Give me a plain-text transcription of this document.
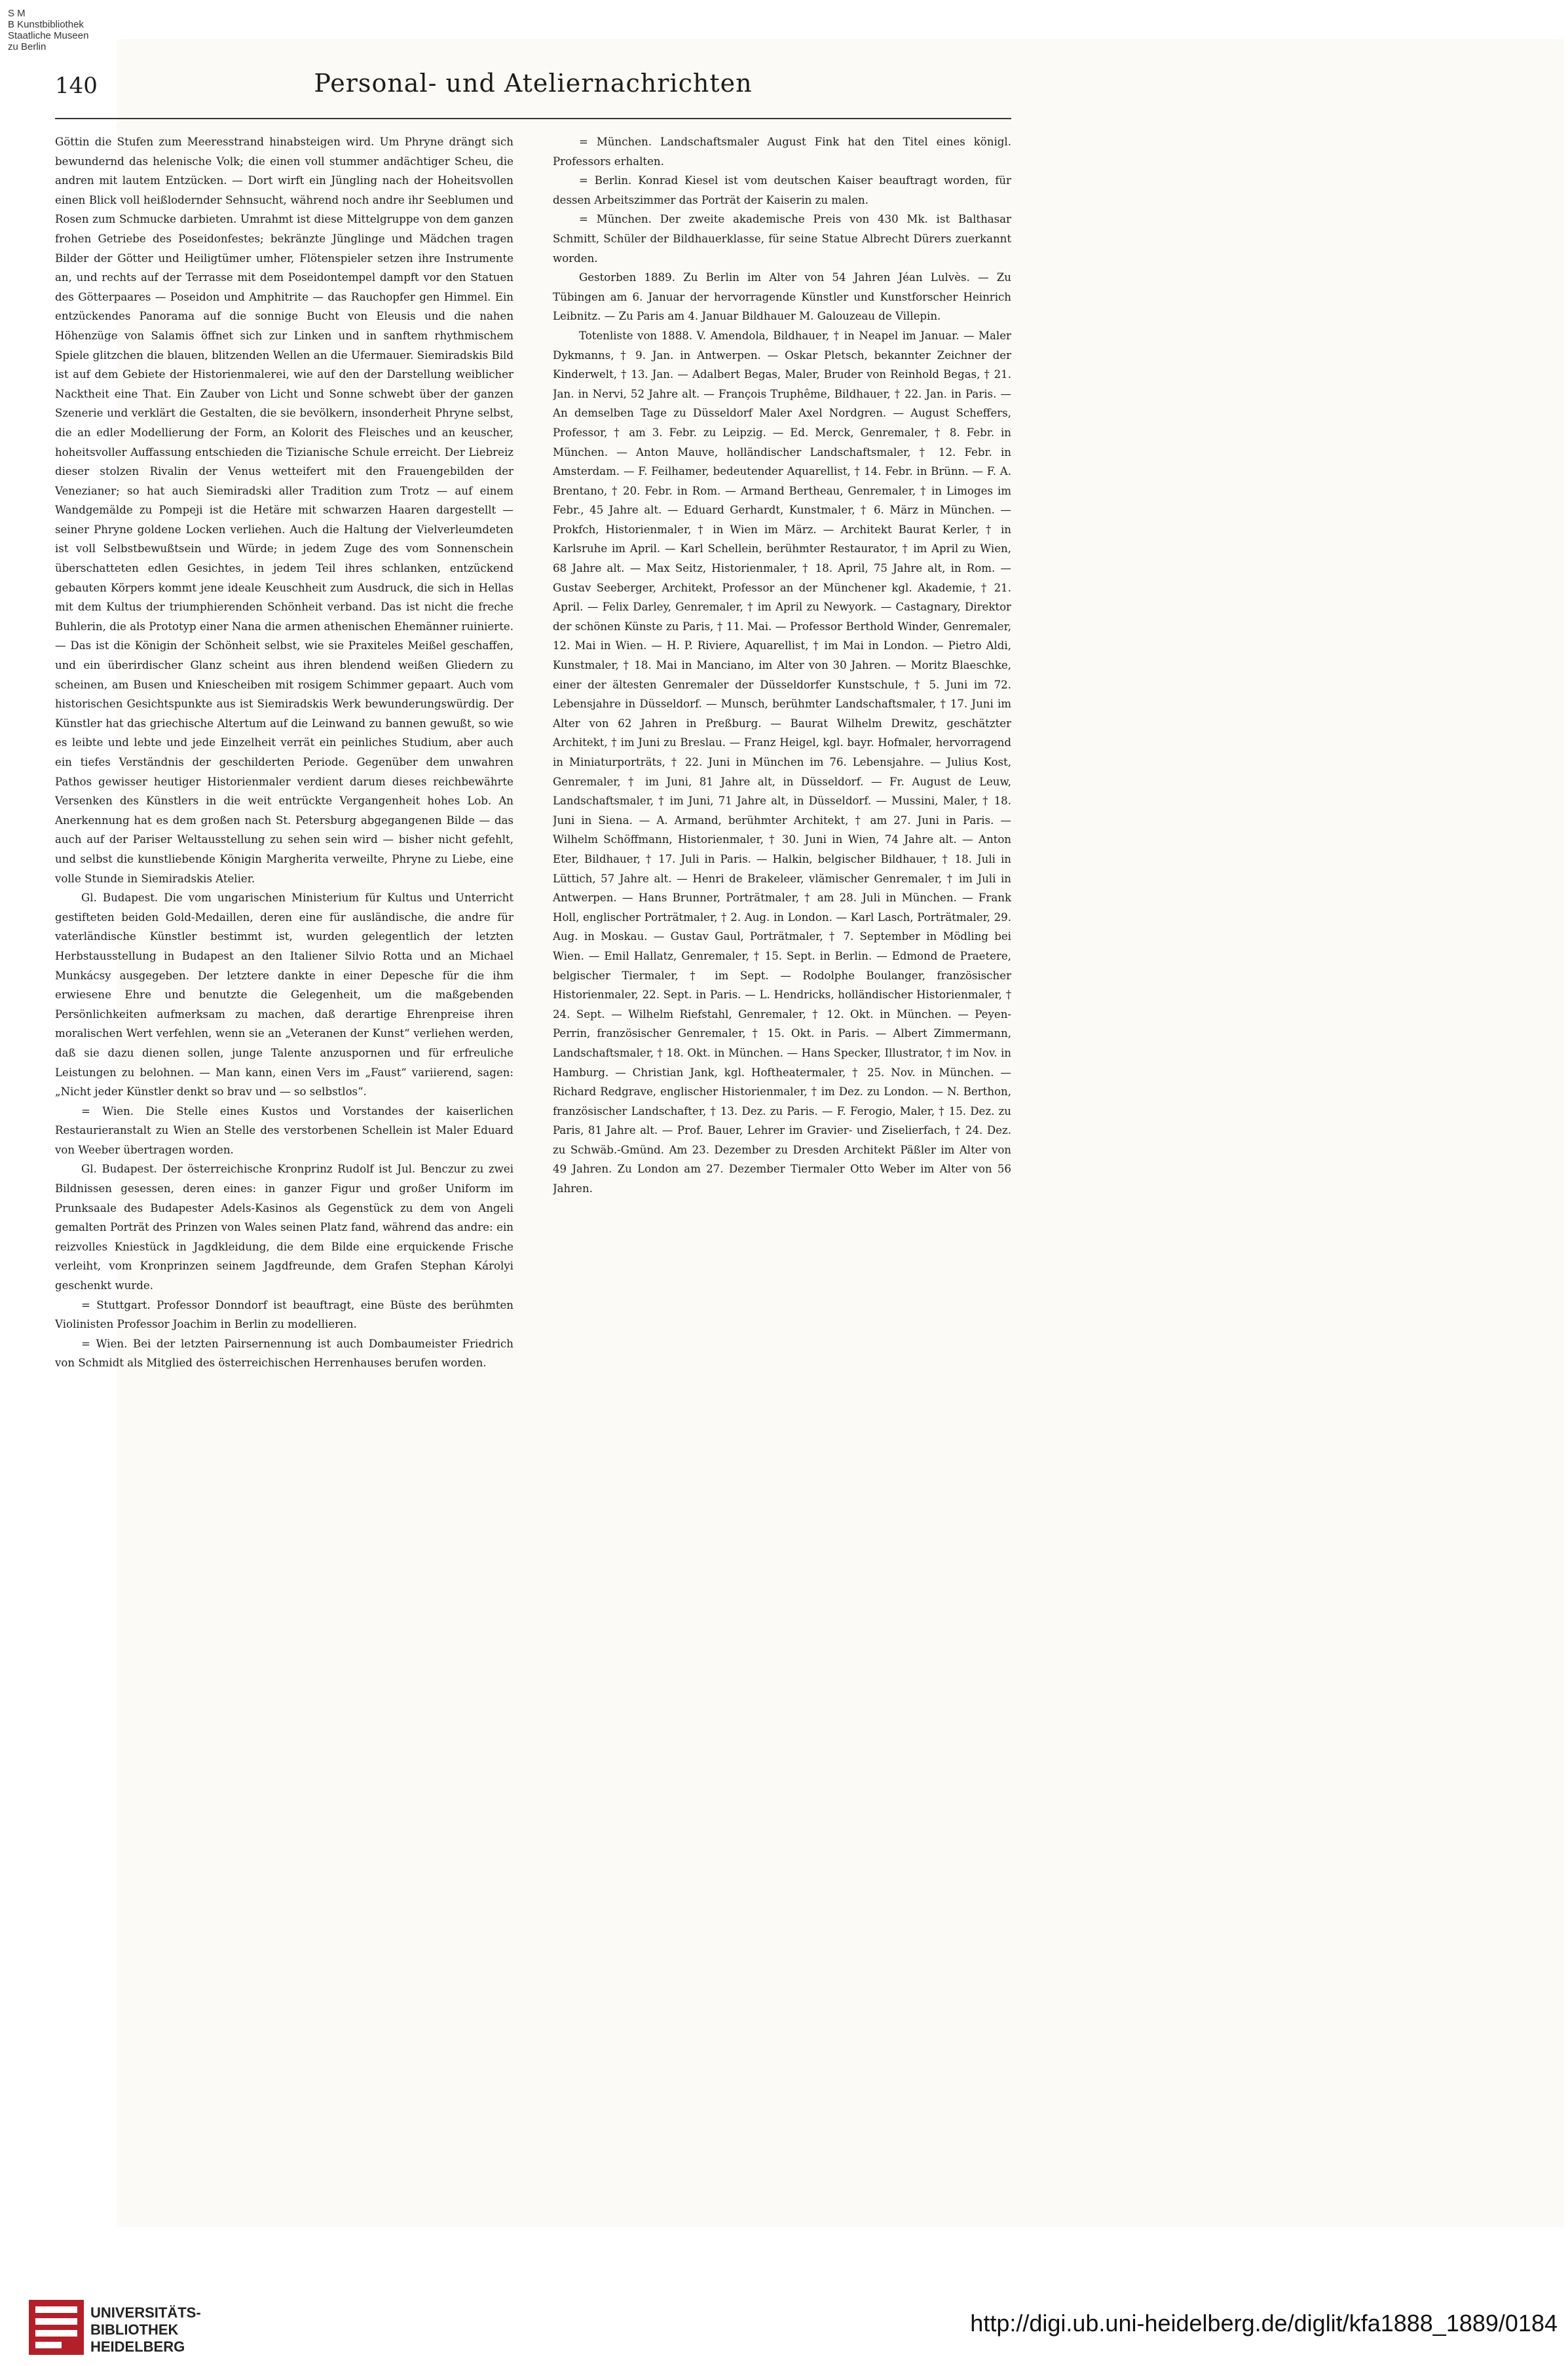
S M
B Kunstbibliothek
Staatliche Museen
zu Berlin
140	Personal- und Ateliernachrichten

Göttin die Stufen zum Meeresstrand hinabsteigen wird. Um Phryne drängt sich bewundernd das helenische Volk; die einen voll stummer andächtiger Scheu, die andren mit lautem Entzücken. — Dort wirft ein Jüngling nach der Hoheitsvollen einen Blick voll heißlodernder Sehnsucht, während noch andre ihr Seeblumen und Rosen zum Schmucke darbieten. Umrahmt ist diese Mittelgruppe von dem ganzen frohen Getriebe des Poseidonfestes; bekränzte Jünglinge und Mädchen tragen Bilder der Götter und Heiligtümer umher, Flötenspieler setzen ihre Instrumente an, und rechts auf der Terrasse mit dem Poseidontempel dampft vor den Statuen des Götterpaares — Poseidon und Amphitrite — das Rauchopfer gen Himmel. Ein entzückendes Panorama auf die sonnige Bucht von Eleusis und die nahen Höhenzüge von Salamis öffnet sich zur Linken und in sanftem rhythmischem Spiele glitzchen die blauen, blitzenden Wellen an die Ufermauer. Siemiradskis Bild ist auf dem Gebiete der Historienmalerei, wie auf den der Darstellung weiblicher Nacktheit eine That. Ein Zauber von Licht und Sonne schwebt über der ganzen Szenerie und verklärt die Gestalten, die sie bevölkern, insonderheit Phryne selbst, die an edler Modellierung der Form, an Kolorit des Fleisches und an keuscher, hoheitsvoller Auffassung entschieden die Tizianische Schule erreicht. Der Liebreiz dieser stolzen Rivalin der Venus wetteifert mit den Frauengebilden der Venezianer; so hat auch Siemiradski aller Tradition zum Trotz — auf einem Wandgemälde zu Pompeji ist die Hetäre mit schwarzen Haaren dargestellt — seiner Phryne goldene Locken verliehen. Auch die Haltung der Vielverleumdeten ist voll Selbstbewußtsein und Würde; in jedem Zuge des vom Sonnenschein überschatteten edlen Gesichtes, in jedem Teil ihres schlanken, entzückend gebauten Körpers kommt jene ideale Keuschheit zum Ausdruck, die sich in Hellas mit dem Kultus der triumphierenden Schönheit verband. Das ist nicht die freche Buhlerin, die als Prototyp einer Nana die armen athenischen Ehemänner ruinierte. — Das ist die Königin der Schönheit selbst, wie sie Praxiteles Meißel geschaffen, und ein überirdischer Glanz scheint aus ihren blendend weißen Gliedern zu scheinen, am Busen und Kniescheiben mit rosigem Schimmer gepaart. Auch vom historischen Gesichtspunkte aus ist Siemiradskis Werk bewunderungswürdig. Der Künstler hat das griechische Altertum auf die Leinwand zu bannen gewußt, so wie es leibte und lebte und jede Einzelheit verrät ein peinliches Studium, aber auch ein tiefes Verständnis der geschilderten Periode. Gegenüber dem unwahren Pathos gewisser heutiger Historienmaler verdient darum dieses reichbewährte Versenken des Künstlers in die weit entrückte Vergangenheit hohes Lob. An Anerkennung hat es dem großen nach St. Petersburg abgegangenen Bilde — das auch auf der Pariser Weltausstellung zu sehen sein wird — bisher nicht gefehlt, und selbst die kunstliebende Königin Margherita verweilte, Phryne zu Liebe, eine volle Stunde in Siemiradskis Atelier.

Gl. Budapest. Die vom ungarischen Ministerium für Kultus und Unterricht gestifteten beiden Gold-Medaillen, deren eine für ausländische, die andre für vaterländische Künstler bestimmt ist, wurden gelegentlich der letzten Herbstausstellung in Budapest an den Italiener Silvio Rotta und an Michael Munkácsy ausgegeben. Der letztere dankte in einer Depesche für die ihm erwiesene Ehre und benutzte die Gelegenheit, um die maßgebenden Persönlichkeiten aufmerksam zu machen, daß derartige Ehrenpreise ihren moralischen Wert verfehlen, wenn sie an „Veteranen der Kunst“ verliehen werden, daß sie dazu dienen sollen, junge Talente anzuspornen und für erfreuliche Leistungen zu belohnen. — Man kann, einen Vers im „Faust“ variierend, sagen: „Nicht jeder Künstler denkt so brav und — so selbstlos“.

= Wien. Die Stelle eines Kustos und Vorstandes der kaiserlichen Restaurieranstalt zu Wien an Stelle des verstorbenen Schellein ist Maler Eduard von Weeber übertragen worden.

Gl. Budapest. Der österreichische Kronprinz Rudolf ist Jul. Benczur zu zwei Bildnissen gesessen, deren eines: in ganzer Figur und großer Uniform im Prunksaale des Budapester Adels-Kasinos als Gegenstück zu dem von Angeli gemalten Porträt des Prinzen von Wales seinen Platz fand, während das andre: ein reizvolles Kniestück in Jagdkleidung, die dem Bilde eine erquickende Frische verleiht, vom Kronprinzen seinem Jagdfreunde, dem Grafen Stephan Károlyi geschenkt wurde.

= Stuttgart. Professor Donndorf ist beauftragt, eine Büste des berühmten Violinisten Professor Joachim in Berlin zu modellieren.

= Wien. Bei der letzten Pairsernennung ist auch Dombaumeister Friedrich von Schmidt als Mitglied des österreichischen Herrenhauses berufen worden.

= München. Landschaftsmaler August Fink hat den Titel eines königl. Professors erhalten.

= Berlin. Konrad Kiesel ist vom deutschen Kaiser beauftragt worden, für dessen Arbeitszimmer das Porträt der Kaiserin zu malen.

= München. Der zweite akademische Preis von 430 Mk. ist Balthasar Schmitt, Schüler der Bildhauerklasse, für seine Statue Albrecht Dürers zuerkannt worden.

Gestorben 1889. Zu Berlin im Alter von 54 Jahren Jéan Lulvès. — Zu Tübingen am 6. Januar der hervorragende Künstler und Kunstforscher Heinrich Leibnitz. — Zu Paris am 4. Januar Bildhauer M. Galouzeau de Villepin.

Totenliste von 1888. V. Amendola, Bildhauer, † in Neapel im Januar. — Maler Dykmanns, † 9. Jan. in Antwerpen. — Oskar Pletsch, bekannter Zeichner der Kinderwelt, † 13. Jan. — Adalbert Begas, Maler, Bruder von Reinhold Begas, † 21. Jan. in Nervi, 52 Jahre alt. — François Truphême, Bildhauer, † 22. Jan. in Paris. — An demselben Tage zu Düsseldorf Maler Axel Nordgren. — August Scheffers, Professor, † am 3. Febr. zu Leipzig. — Ed. Merck, Genremaler, † 8. Febr. in München. — Anton Mauve, holländischer Landschaftsmaler, † 12. Febr. in Amsterdam. — F. Feilhamer, bedeutender Aquarellist, † 14. Febr. in Brünn. — F. A. Brentano, † 20. Febr. in Rom. — Armand Bertheau, Genremaler, † in Limoges im Febr., 45 Jahre alt. — Eduard Gerhardt, Kunstmaler, † 6. März in München. — Prokfch, Historienmaler, † in Wien im März. — Architekt Baurat Kerler, † in Karlsruhe im April. — Karl Schellein, berühmter Restaurator, † im April zu Wien, 68 Jahre alt. — Max Seitz, Historienmaler, † 18. April, 75 Jahre alt, in Rom. — Gustav Seeberger, Architekt, Professor an der Münchener kgl. Akademie, † 21. April. — Felix Darley, Genremaler, † im April zu Newyork. — Castagnary, Direktor der schönen Künste zu Paris, † 11. Mai. — Professor Berthold Winder, Genremaler, 12. Mai in Wien. — H. P. Riviere, Aquarellist, † im Mai in London. — Pietro Aldi, Kunstmaler, † 18. Mai in Manciano, im Alter von 30 Jahren. — Moritz Blaeschke, einer der ältesten Genremaler der Düsseldorfer Kunstschule, † 5. Juni im 72. Lebensjahre in Düsseldorf. — Munsch, berühmter Landschaftsmaler, † 17. Juni im Alter von 62 Jahren in Preßburg. — Baurat Wilhelm Drewitz, geschätzter Architekt, † im Juni zu Breslau. — Franz Heigel, kgl. bayr. Hofmaler, hervorragend in Miniaturporträts, † 22. Juni in München im 76. Lebensjahre. — Julius Kost, Genremaler, † im Juni, 81 Jahre alt, in Düsseldorf. — Fr. August de Leuw, Landschaftsmaler, † im Juni, 71 Jahre alt, in Düsseldorf. — Mussini, Maler, † 18. Juni in Siena. — A. Armand, berühmter Architekt, † am 27. Juni in Paris. — Wilhelm Schöffmann, Historienmaler, † 30. Juni in Wien, 74 Jahre alt. — Anton Eter, Bildhauer, † 17. Juli in Paris. — Halkin, belgischer Bildhauer, † 18. Juli in Lüttich, 57 Jahre alt. — Henri de Brakeleer, vlämischer Genremaler, † im Juli in Antwerpen. — Hans Brunner, Porträtmaler, † am 28. Juli in München. — Frank Holl, englischer Porträtmaler, † 2. Aug. in London. — Karl Lasch, Porträtmaler, 29. Aug. in Moskau. — Gustav Gaul, Porträtmaler, † 7. September in Mödling bei Wien. — Emil Hallatz, Genremaler, † 15. Sept. in Berlin. — Edmond de Praetere, belgischer Tiermaler, † im Sept. — Rodolphe Boulanger, französischer Historienmaler, 22. Sept. in Paris. — L. Hendricks, holländischer Historienmaler, † 24. Sept. — Wilhelm Riefstahl, Genremaler, † 12. Okt. in München. — Peyen-Perrin, französischer Genremaler, † 15. Okt. in Paris. — Albert Zimmermann, Landschaftsmaler, † 18. Okt. in München. — Hans Specker, Illustrator, † im Nov. in Hamburg. — Christian Jank, kgl. Hoftheatermaler, † 25. Nov. in München. — Richard Redgrave, englischer Historienmaler, † im Dez. zu London. — N. Berthon, französischer Landschafter, † 13. Dez. zu Paris. — F. Ferogio, Maler, † 15. Dez. zu Paris, 81 Jahre alt. — Prof. Bauer, Lehrer im Gravier- und Ziselierfach, † 24. Dez. zu Schwäb.-Gmünd. Am 23. Dezember zu Dresden Architekt Päßler im Alter von 49 Jahren. Zu London am 27. Dezember Tiermaler Otto Weber im Alter von 56 Jahren.

UNIVERSITÄTS-
BIBLIOTHEK
HEIDELBERG
http://digi.ub.uni-heidelberg.de/diglit/kfa1888_1889/0184
